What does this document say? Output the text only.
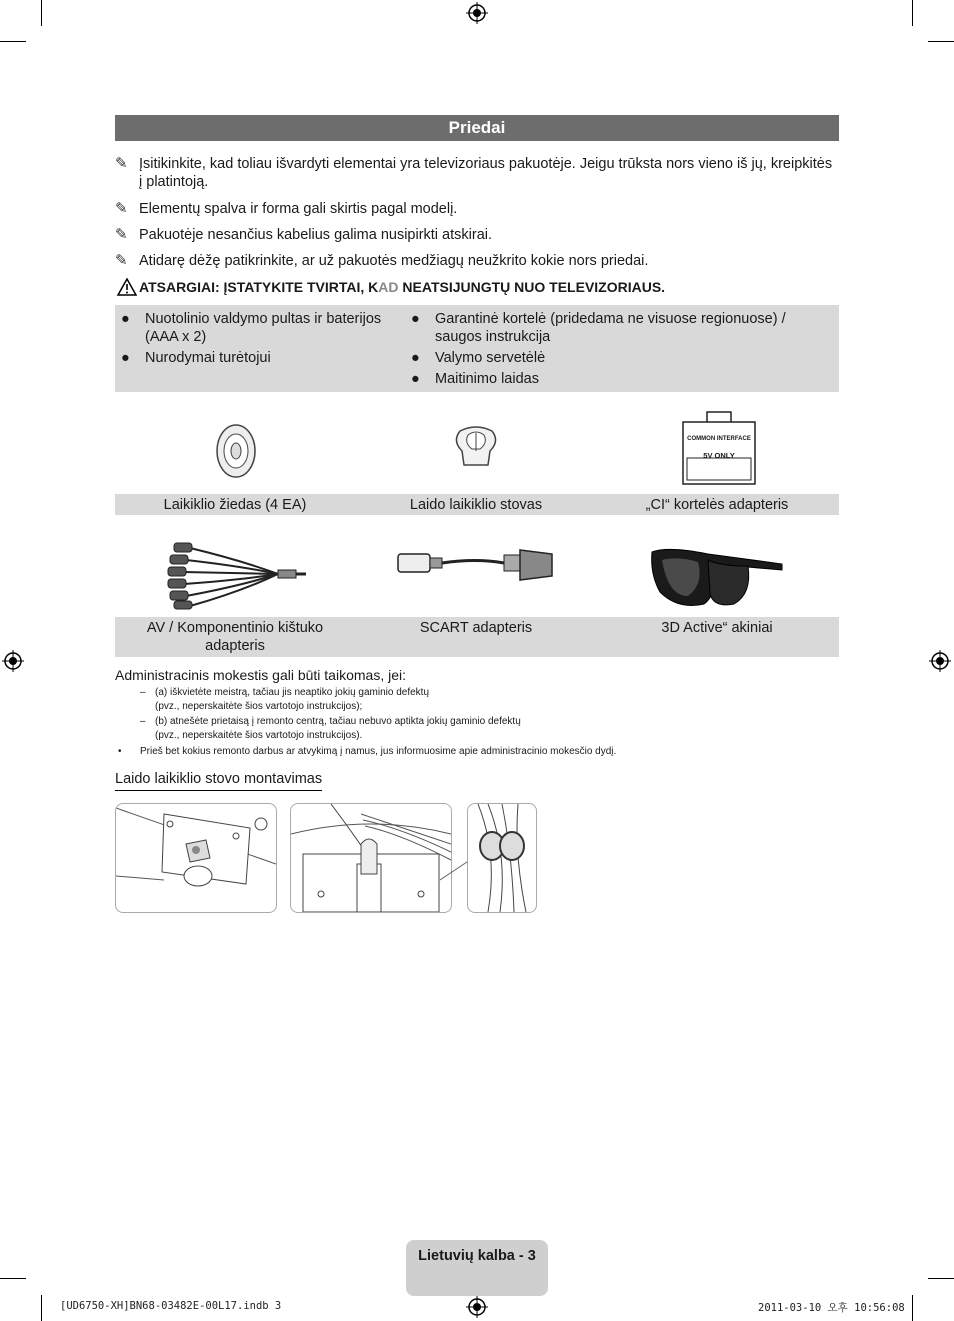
Priedai
✎ Įsitikinkite, kad toliau išvardyti elementai yra televizoriaus pakuotėje. Jeigu trūksta nors vieno iš jų, kreipkitės į platintoją.
✎ Elementų spalva ir forma gali skirtis pagal modelį.
✎ Pakuotėje nesančius kabelius galima nusipirkti atskirai.
✎ Atidarę dėžę patikrinkite, ar už pakuotės medžiagų neužkrito kokie nors priedai.
ATSARGIAI: ĮSTATYKITE TVIRTAI, KAD NEATSIJUNGTŲ NUO TELEVIZORIAUS.
●	Nuotolinio valdymo pultas ir baterijos (AAA x 2)
●	Nurodymai turėtojui
●	Garantinė kortelė (pridedama ne visuose regionuose) / saugos instrukcija
●	Valymo servetėlė
●	Maitinimo laidas
COMMON INTERFACE
5V ONLY
Laikiklio žiedas (4 EA)	Laido laikiklio stovas	„CI“ kortelės adapteris
AV / Komponentinio kištuko adapteris
SCART adapteris	3D Active“ akiniai
Administracinis mokestis gali būti taikomas, jei:
– (a) iškvietėte meistrą, tačiau jis neaptiko jokių gaminio defektų
(pvz., neperskaitėte šios vartotojo instrukcijos);
– (b) atnešėte prietaisą į remonto centrą, tačiau nebuvo aptikta jokių gaminio defektų
(pvz., neperskaitėte šios vartotojo instrukcijos).
• Prieš bet kokius remonto darbus ar atvykimą į namus, jus informuosime apie administracinio mokesčio dydį.
Laido laikiklio stovo montavimas
Lietuvių kalba - 3
[UD6750-XH]BN68-03482E-00L17.indb 3	2011-03-10 오후 10:56:08
